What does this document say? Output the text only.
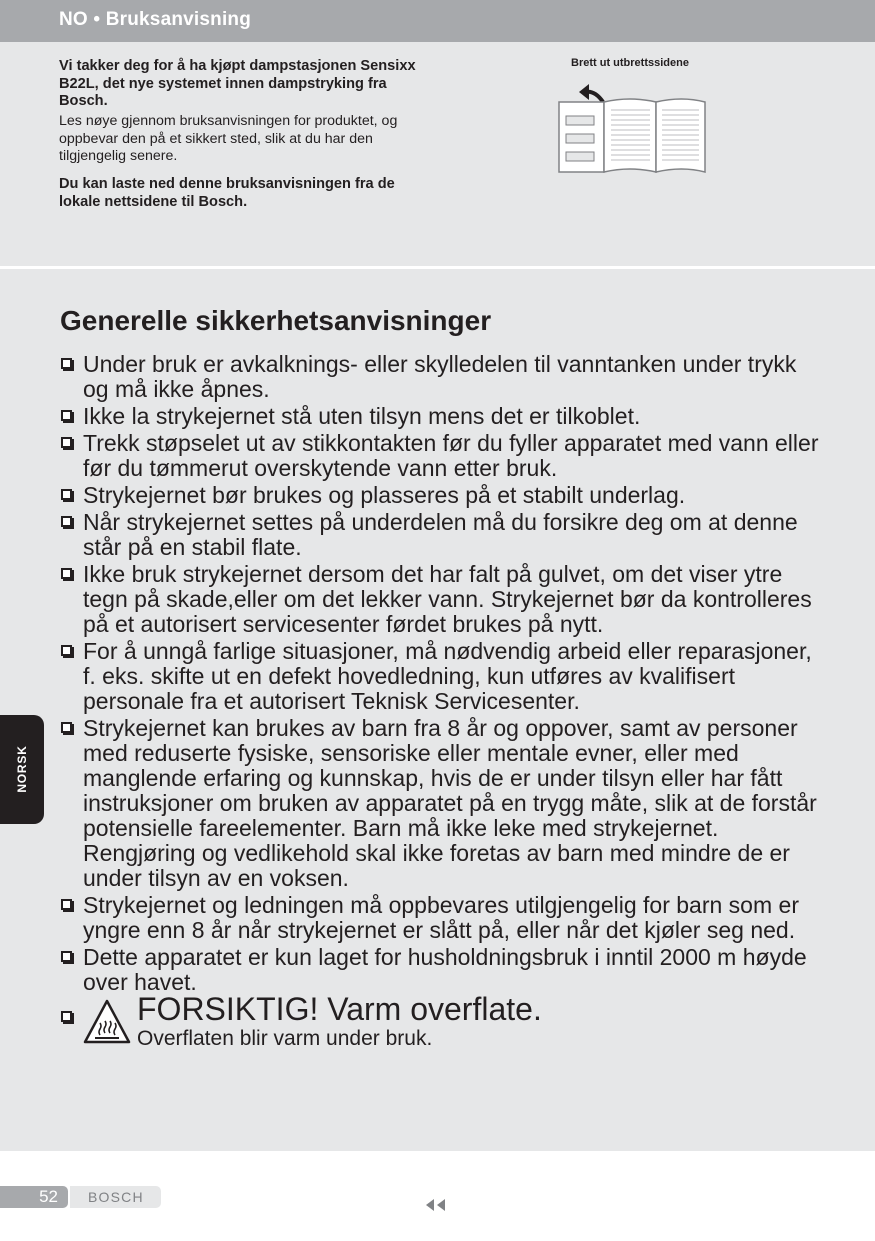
NO • Bruksanvisning
Vi takker deg for å ha kjøpt dampstasjonen Sensixx B22L, det nye systemet innen dampstryking fra Bosch.
Les nøye gjennom bruksanvisningen for produktet, og oppbevar den på et sikkert sted, slik at du har den tilgjengelig senere.
Du kan laste ned denne bruksanvisningen fra de lokale nettsidene til Bosch.
Brett ut utbrettssidene
Generelle sikkerhetsanvisninger
Under bruk er avkalknings- eller skylledelen til vanntanken under trykk og må ikke åpnes.
Ikke la strykejernet stå uten tilsyn mens det er tilkoblet.
Trekk støpselet ut av stikkontakten før du fyller apparatet med vann eller før du tømmerut overskytende vann etter bruk.
Strykejernet bør brukes og plasseres på et stabilt underlag.
Når strykejernet settes på underdelen må du forsikre deg om at denne står på en stabil flate.
Ikke bruk strykejernet dersom det har falt på gulvet, om det viser ytre tegn på skade,eller om det lekker vann. Strykejernet bør da kontrolleres på et autorisert servicesenter førdet brukes på nytt.
For å unngå farlige situasjoner, må nødvendig arbeid eller reparasjoner, f. eks. skifte ut en defekt hovedledning, kun utføres av kvalifisert personale fra et autorisert Teknisk Servicesenter.
Strykejernet kan brukes av barn fra 8 år og oppover, samt av personer med reduserte fysiske, sensoriske eller mentale evner, eller med manglende erfaring og kunnskap, hvis de er under tilsyn eller har fått instruksjoner om bruken av apparatet på en trygg måte, slik at de forstår potensielle fareelementer. Barn må ikke leke med strykejernet. Rengjøring og vedlikehold skal ikke foretas av barn med mindre de er under tilsyn av en voksen.
Strykejernet og ledningen må oppbevares utilgjengelig for barn som er yngre enn 8 år når strykejernet er slått på, eller når det kjøler seg ned.
Dette apparatet er kun laget for husholdningsbruk i inntil 2000 m høyde over havet.
FORSIKTIG! Varm overflate.
Overflaten blir varm under bruk.
NORSK
52 BOSCH
